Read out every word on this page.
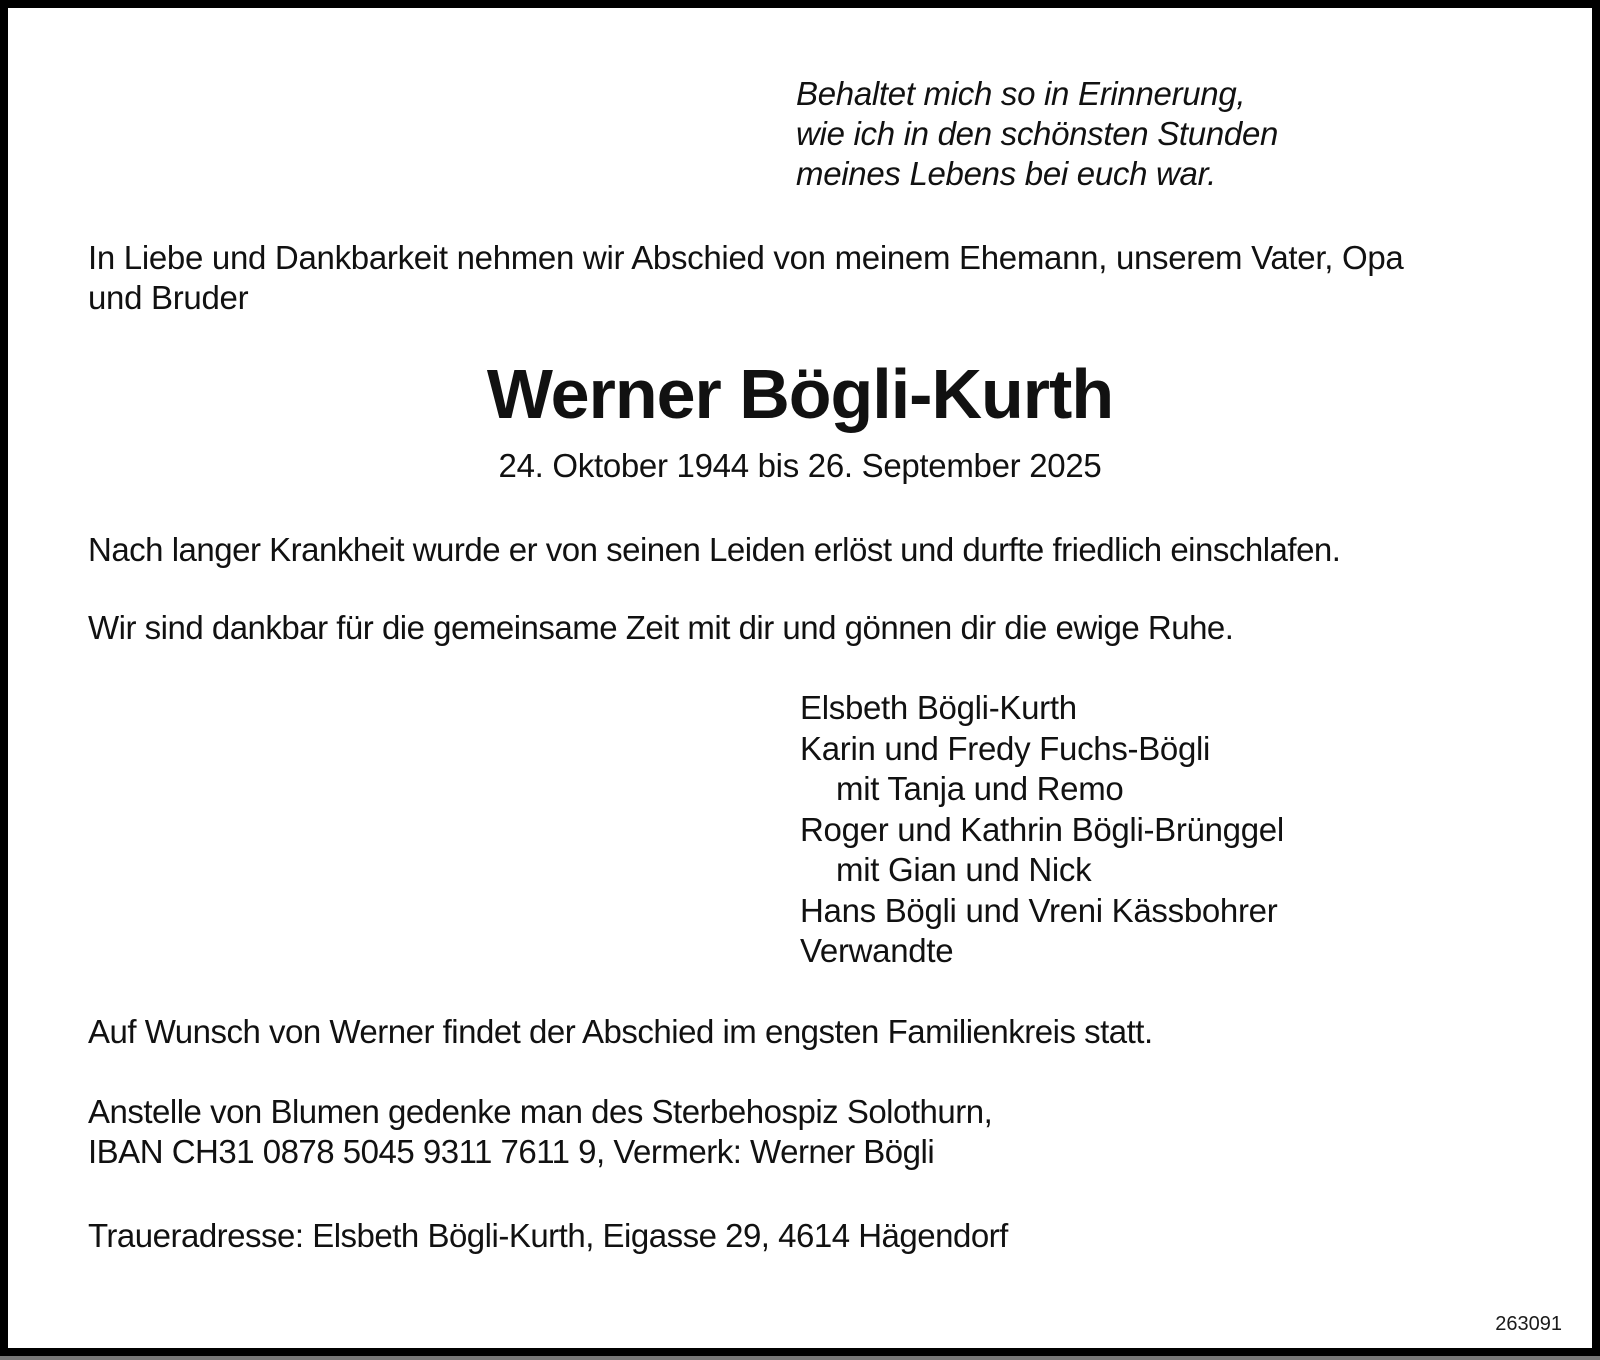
Behaltet mich so in Erinnerung,
wie ich in den schönsten Stunden
meines Lebens bei euch war.
In Liebe und Dankbarkeit nehmen wir Abschied von meinem Ehemann, unserem Vater, Opa
und Bruder
Werner Bögli-Kurth
24. Oktober 1944 bis 26. September 2025

Nach langer Krankheit wurde er von seinen Leiden erlöst und durfte friedlich einschlafen.

Wir sind dankbar für die gemeinsame Zeit mit dir und gönnen dir die ewige Ruhe.

Elsbeth Bögli-Kurth
Karin und Fredy Fuchs-Bögli
mit Tanja und Remo
Roger und Kathrin Bögli-Brünggel
mit Gian und Nick
Hans Bögli und Vreni Kässbohrer
Verwandte

Auf Wunsch von Werner findet der Abschied im engsten Familienkreis statt.

Anstelle von Blumen gedenke man des Sterbehospiz Solothurn,
IBAN CH31 0878 5045 9311 7611 9, Vermerk: Werner Bögli

Traueradresse: Elsbeth Bögli-Kurth, Eigasse 29, 4614 Hägendorf

263091
